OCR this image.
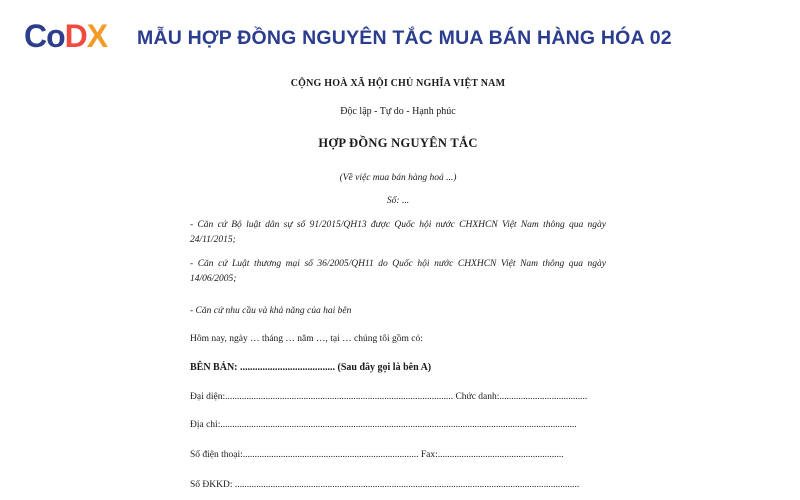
CoDX MẪU HỢP ĐỒNG NGUYÊN TẮC MUA BÁN HÀNG HÓA 02
CỘNG HOÀ XÃ HỘI CHỦ NGHĨA VIỆT NAM
Độc lập - Tự do - Hạnh phúc
HỢP ĐỒNG NGUYÊN TẮC
(Về việc mua bán hàng hoá ...)
Số: ...
- Căn cứ Bộ luật dân sự số 91/2015/QH13 được Quốc hội nước CHXHCN Việt Nam thông qua ngày 24/11/2015;
- Căn cứ Luật thương mại số 36/2005/QH11 do Quốc hội nước CHXHCN Việt Nam thông qua ngày 14/06/2005;
- Căn cứ nhu cầu và khả năng của hai bên
Hôm nay, ngày … tháng … năm …, tại … chúng tôi gồm có:
BÊN BÁN: ...................................... (Sau đây gọi là bên A)
Đại diện:................................................................................................ Chức danh:.....................................
Địa chỉ:......................................................................................................................................................
Số điện thoại:.......................................................................... Fax:.....................................................
Số ĐKKD: .................................................................................................................................................
